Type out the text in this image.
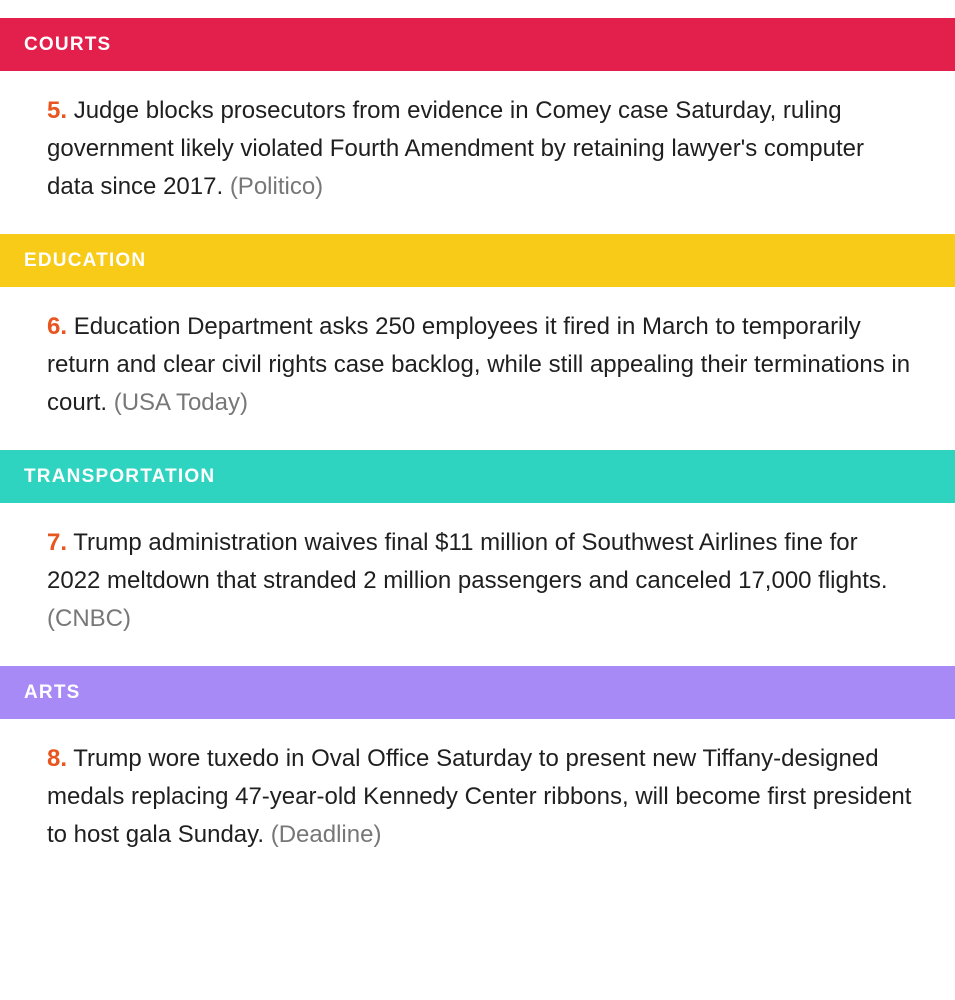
COURTS

5. Judge blocks prosecutors from evidence in Comey case Saturday, ruling government likely violated Fourth Amendment by retaining lawyer's computer data since 2017. (Politico)

EDUCATION

6. Education Department asks 250 employees it fired in March to temporarily return and clear civil rights case backlog, while still appealing their terminations in court. (USA Today)

TRANSPORTATION

7. Trump administration waives final $11 million of Southwest Airlines fine for 2022 meltdown that stranded 2 million passengers and canceled 17,000 flights. (CNBC)

ARTS

8. Trump wore tuxedo in Oval Office Saturday to present new Tiffany-designed medals replacing 47-year-old Kennedy Center ribbons, will become first president to host gala Sunday. (Deadline)
